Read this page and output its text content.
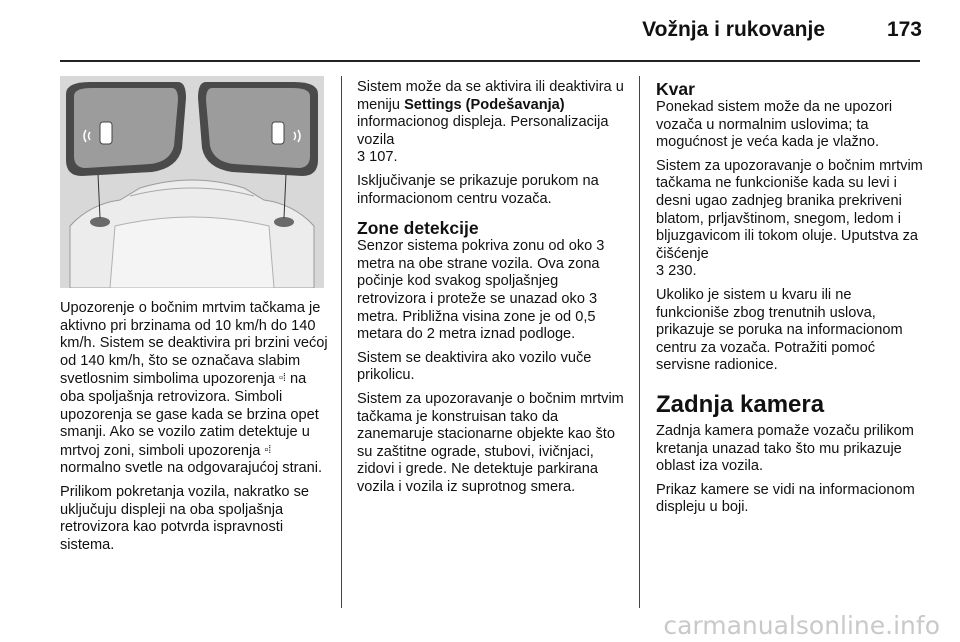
Vožnja i rukovanje	173

Upozorenje o bočnim mrtvim tačkama je aktivno pri brzinama od 10 km/h do 140 km/h. Sistem se deaktivira pri brzini većoj od 140 km/h, što se označava slabim svetlosnim simbolima upozorenja ▫⁞ na oba spoljašnja retrovizora. Simboli upozorenja se gase kada se brzina opet smanji. Ako se vozilo zatim detektuje u mrtvoj zoni, simboli upozorenja ▫⁞ normalno svetle na odgovarajućoj strani.

Prilikom pokretanja vozila, nakratko se uključuju displeji na oba spoljašnja retrovizora kao potvrda ispravnosti sistema.

Sistem može da se aktivira ili deaktivira u meniju Settings (Podešavanja) informacionog displeja. Personalizacija vozila
3 107.

Isključivanje se prikazuje porukom na informacionom centru vozača.

Zone detekcije

Senzor sistema pokriva zonu od oko 3 metra na obe strane vozila. Ova zona počinje kod svakog spoljašnjeg retrovizora i proteže se unazad oko 3 metra. Približna visina zone je od 0,5 metara do 2 metra iznad podloge.

Sistem se deaktivira ako vozilo vuče prikolicu.

Sistem za upozoravanje o bočnim mrtvim tačkama je konstruisan tako da zanemaruje stacionarne objekte kao što su zaštitne ograde, stubovi, ivičnjaci, zidovi i grede. Ne detektuje parkirana vozila i vozila iz suprotnog smera.

Kvar

Ponekad sistem može da ne upozori vozača u normalnim uslovima; ta mogućnost je veća kada je vlažno.

Sistem za upozoravanje o bočnim mrtvim tačkama ne funkcioniše kada su levi i desni ugao zadnjeg branika prekriveni blatom, prljavštinom, snegom, ledom i bljuzgavicom ili tokom oluje. Uputstva za čišćenje
3 230.

Ukoliko je sistem u kvaru ili ne funkcioniše zbog trenutnih uslova, prikazuje se poruka na informacionom centru za vozača. Potražiti pomoć servisne radionice.

Zadnja kamera

Zadnja kamera pomaže vozaču prilikom kretanja unazad tako što mu prikazuje oblast iza vozila.

Prikaz kamere se vidi na informacionom displeju u boji.

carmanualsonline.info
